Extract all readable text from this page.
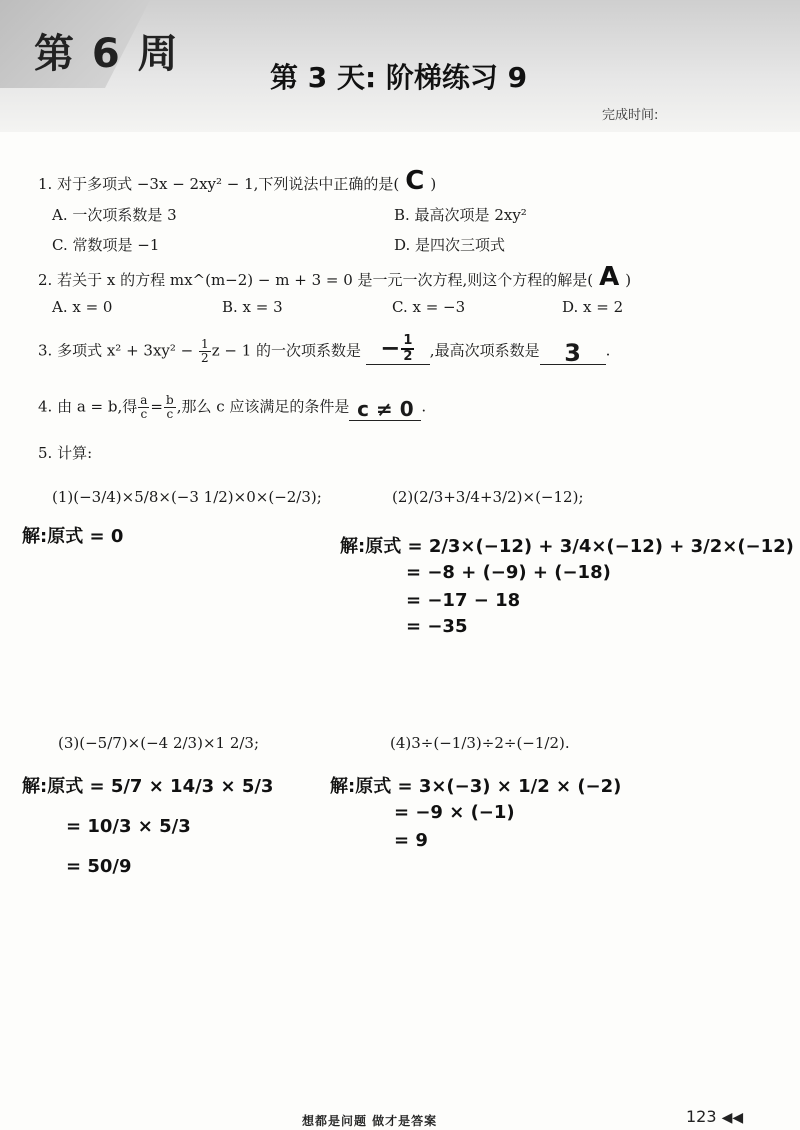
第 6 周
第 3 天: 阶梯练习 9
完成时间:
1. 对于多项式 −3x − 2xy² − 1,下列说法中正确的是( C )
A. 一次项系数是 3	B. 最高次项是 2xy²
C. 常数项是 −1	D. 是四次三项式
2. 若关于 x 的方程 mx^(m−2) − m + 3 = 0 是一元一次方程,则这个方程的解是( A )
A. x = 0	B. x = 3	C. x = −3	D. x = 2
3. 多项式 $x^2 + 3xy^2 - \frac{1}{2}$ z − 1 的一次项系数是 − $\frac{1}{2}$ ,最高次项系数是 3 .
4. 由 a = b,得 $\frac{a}{c} = \frac{b}{c}$ ,那么 c 应该满足的条件是 c ≠ 0 .
5. 计算:
(1)(−3/4)×5/8×(−3 1/2)×0×(−2/3);	(2)(2/3+3/4+3/2)×(−12);
解:原式 = 0	解:原式 = 2/3×(−12) + 3/4×(−12) + 3/2×(−12)
= −8 + (−9) + (−18)
= −17 − 18
= −35
(3)(−5/7)×(−4 2/3)×1 2/3;	(4)3÷(−1/3)÷2÷(−1/2).
解:原式 = 5/7 × 14/3 × 5/3
= 10/3 × 5/3
= 50/9
解:原式 = 3×(−3) × 1/2 × (−2)
= −9 × (−1)
= 9
想都是问题 做才是答案	123 ◀◀
